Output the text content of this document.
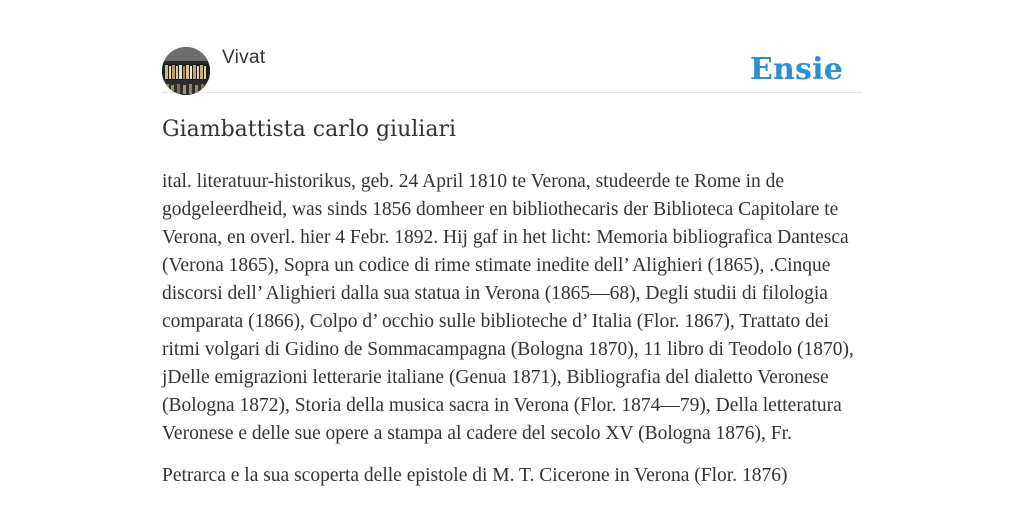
Vivat	Ensie
Giambattista carlo giuliari

ital. literatuur-historikus, geb. 24 April 1810 te Verona, studeerde te Rome in de godgeleerdheid, was sinds 1856 domheer en bibliothecaris der Biblioteca Capitolare te Verona, en overl. hier 4 Febr. 1892. Hij gaf in het licht: Memoria bibliografica Dantesca (Verona 1865), Sopra un codice di rime stimate inedite dell’ Alighieri (1865), .Cinque discorsi dell’ Alighieri dalla sua statua in Verona (1865—68), Degli studii di filologia comparata (1866), Colpo d’ occhio sulle biblioteche d’ Italia (Flor. 1867), Trattato dei ritmi volgari di Gidino de Sommacampagna (Bologna 1870), 11 libro di Teodolo (1870), jDelle emigrazioni letterarie italiane (Genua 1871), Bibliografia del dialetto Veronese (Bologna 1872), Storia della musica sacra in Verona (Flor. 1874—79), Della letteratura Veronese e delle sue opere a stampa al cadere del secolo XV (Bologna 1876), Fr.

Petrarca e la sua scoperta delle epistole di M. T. Cicerone in Verona (Flor. 1876)
